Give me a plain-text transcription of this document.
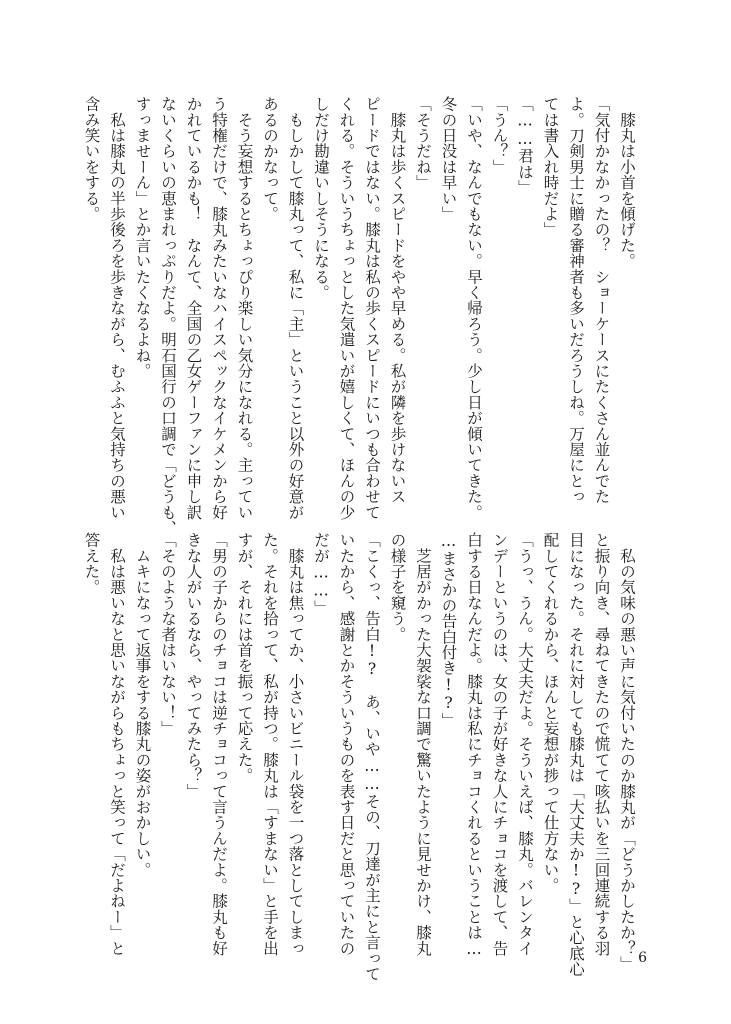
　膝丸は小首を傾げた。

「気付かなかったの？　ショーケースにたくさん並んでた

よ。刀剣男士に贈る審神者も多いだろうしね。万屋にとっ

ては書入れ時だよ」

「……君は」

「うん？」

「いや、なんでもない。早く帰ろう。少し日が傾いてきた。

冬の日没は早い」

「そうだね」

　膝丸は歩くスピードをやや早める。私が隣を歩けないス

ピードではない。膝丸は私の歩くスピードにいつも合わせて

くれる。そういうちょっとした気遣いが嬉しくて、ほんの少

しだけ勘違いしそうになる。

　もしかして膝丸って、私に「主」ということ以外の好意が

あるのかなって。

　そう妄想するとちょっぴり楽しい気分になれる。主ってい

う特権だけで、膝丸みたいなハイスペックなイケメンから好

かれているかも！　なんて、全国の乙女ゲーファンに申し訳

ないくらいの恵まれっぷりだよ。明石国行の口調で「どうも、

すっませーん」とか言いたくなるよね。

　私は膝丸の半歩後ろを歩きながら、むふふと気持ちの悪い

含み笑いをする。

　私の気味の悪い声に気付いたのか膝丸が「どうかしたか？」

と振り向き、尋ねてきたので慌てて咳払いを三回連続する羽

目になった。それに対しても膝丸は「大丈夫か!?」と心底心

配してくれるから、ほんと妄想が捗って仕方ない。

「うっ、うん。大丈夫だよ。そういえば、膝丸。バレンタイ

ンデーというのは、女の子が好きな人にチョコを渡して、告

白する日なんだよ。膝丸は私にチョコくれるということは…

…まさかの告白付き!?」

　芝居がかった大袈裟な口調で驚いたように見せかけ、膝丸

の様子を窺う。

「こくっ、告白!?　あ、いや……その、刀達が主にと言って

いたから、感謝とかそういうものを表す日だと思っていたの

だが……」

　膝丸は焦ってか、小さいビニール袋を一つ落としてしまっ

た。それを拾って、私が持つ。膝丸は「すまない」と手を出

すが、それには首を振って応えた。

「男の子からのチョコは逆チョコって言うんだよ。膝丸も好

きな人がいるなら、やってみたら？」

「そのような者はいない！」

　ムキになって返事をする膝丸の姿がおかしい。

　私は悪いなと思いながらもちょっと笑って「だよねー」と

答えた。

6
